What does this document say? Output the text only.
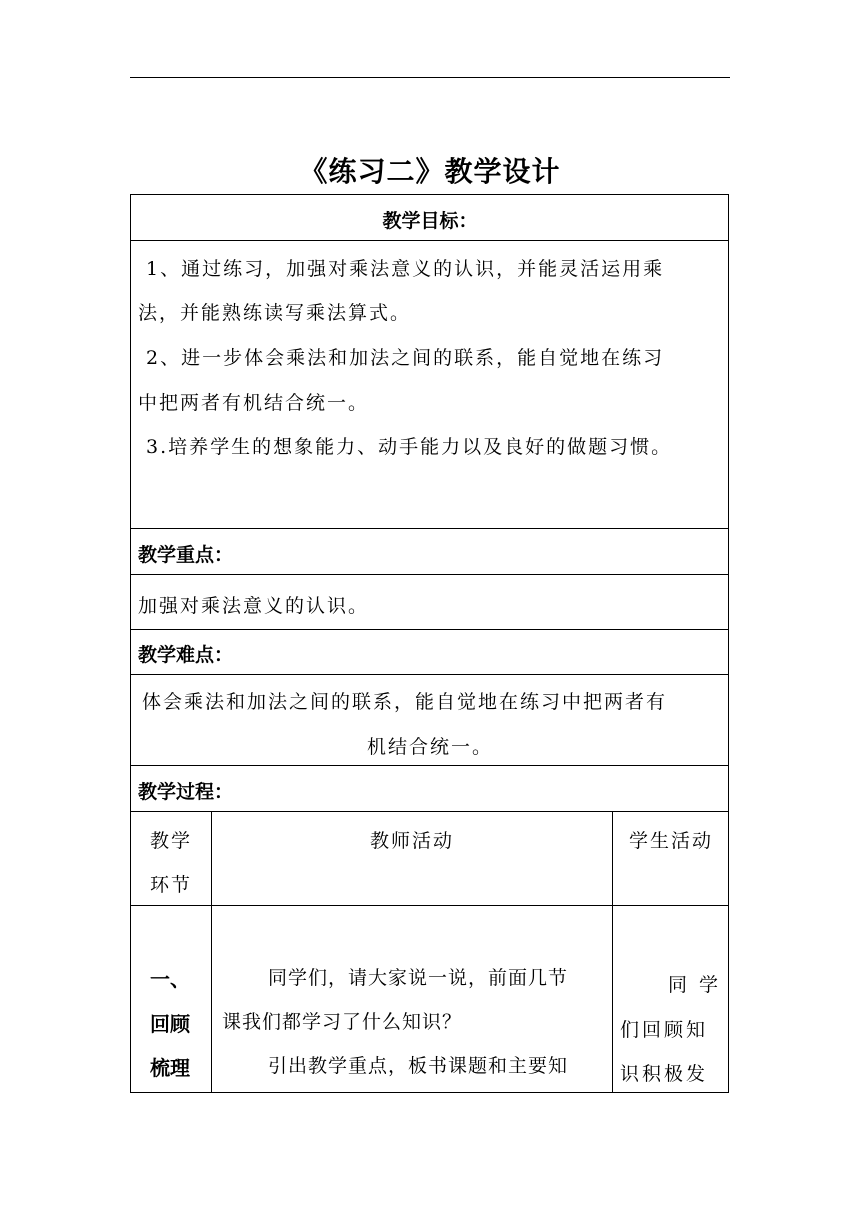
《练习二》教学设计
教学目标：
1、通过练习，加强对乘法意义的认识，并能灵活运用乘
法，并能熟练读写乘法算式。
2、进一步体会乘法和加法之间的联系，能自觉地在练习
中把两者有机结合统一。
3.培养学生的想象能力、动手能力以及良好的做题习惯。
教学重点：
加强对乘法意义的认识。
教学难点：
体会乘法和加法之间的联系，能自觉地在练习中把两者有
机结合统一。
教学过程：
教学
环节
教师活动	学生活动
一、
回顾
梳理
同学们，请大家说一说，前面几节
课我们都学习了什么知识？
引出教学重点，板书课题和主要知
同 学
们回顾知
识积极发
